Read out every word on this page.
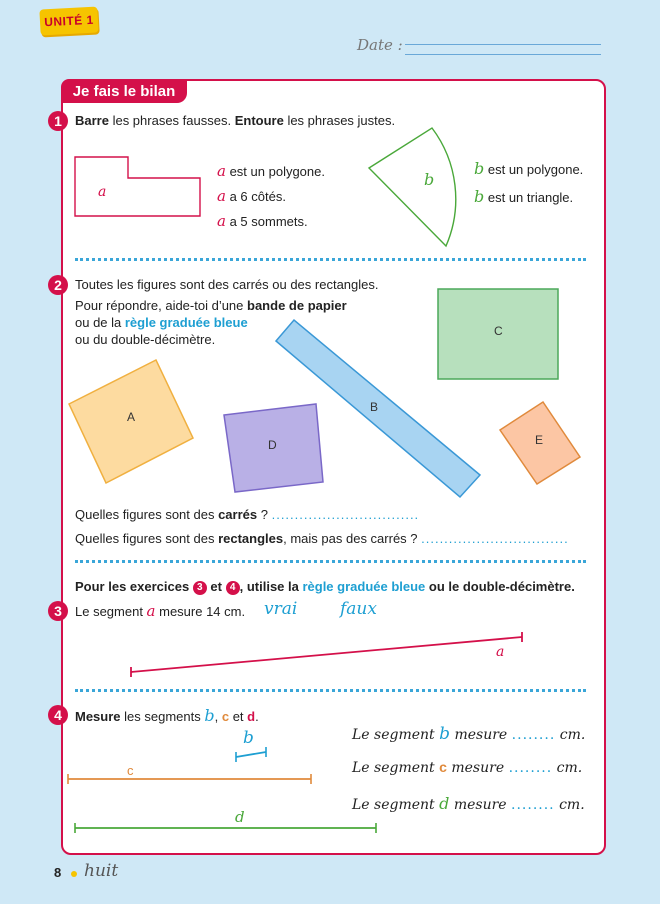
UNITÉ 1
Date :
Je fais le bilan
1	Barre les phrases fausses. Entoure les phrases justes.
a
b
a est un polygone.
a a 6 côtés.
a a 5 sommets.
b est un polygone.
b est un triangle.
2	Toutes les figures sont des carrés ou des rectangles.
Pour répondre, aide-toi d’une bande de papier
ou de la règle graduée bleue
ou du double-décimètre.
A
B
C
D	E
Quelles figures sont des carrés ? ................................
Quelles figures sont des rectangles, mais pas des carrés ? ................................
Pour les exercices 3 et 4 , utilise la règle graduée bleue ou le double-décimètre.
3	Le segment a mesure 14 cm. vrai	faux
a
4	Mesure les segments b, c et d.
b
c
d
Le segment b mesure ........ cm.
Le segment c mesure ........ cm.
Le segment d mesure ........ cm.
8 huit
